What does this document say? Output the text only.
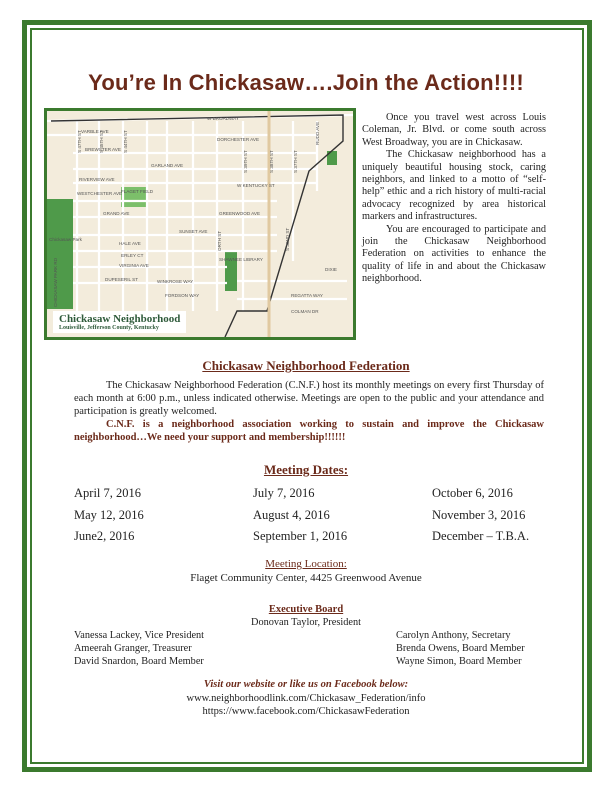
You’re In Chickasaw….Join the Action!!!!
W BROADWAY
VARBLE AVE
BREWSTER AVE
DORCHESTER AVE
GARLAND AVE
RIVERVIEW AVE
WESTCHESTER AVE
W KENTUCKY ST
GRAND AVE	GREENWOOD AVE
SUNSET AVE
HALE AVE
ERLEY CT
VIRGINIA AVE
DUPESERIL ST	WINKROSE WAY
FORDSON WAY	REGATTA WAY
COLMAN DR
DIXIE
FLAGET FIELD
Chickasaw Park
SHAWNEE LIBRARY
CHICKASAW PARK RD
S 47TH ST	S 45TH ST	S 44TH ST
S 39TH ST	S 38TH ST	S 37TH ST
S 32ND ST
ORTH ST
RUDD AVE
Chickasaw Neighborhood
Louisville, Jefferson County, Kentucky

Once you travel west across Louis Coleman, Jr. Blvd. or come south across West Broadway, you are in Chickasaw.

The Chickasaw neighborhood has a uniquely beautiful housing stock, caring neighbors, and linked to a motto of “self-help” ethic and a rich history of multi-racial advocacy recognized by area historical markers and infrastructures.

You are encouraged to participate and join the Chickasaw Neighborhood Federation on activities to enhance the quality of life in and about the Chickasaw neighborhood.

Chickasaw Neighborhood Federation

The Chickasaw Neighborhood Federation (C.N.F.) host its monthly meetings on every first Thursday of each month at 6:00 p.m., unless indicated otherwise. Meetings are open to the public and your attendance and participation is greatly welcomed.

C.N.F. is a neighborhood association working to sustain and improve the Chickasaw neighborhood…We need your support and membership!!!!!!

Meeting Dates:
April 7, 2016	July 7, 2016	October 6, 2016
May 12, 2016	August 4, 2016	November 3, 2016
June2, 2016	September 1, 2016	December – T.B.A.
Meeting Location:
Flaget Community Center, 4425 Greenwood Avenue
Executive Board
Donovan Taylor, President
Vanessa Lackey, Vice President
Ameerah Granger, Treasurer
David Snardon, Board Member
Carolyn Anthony, Secretary
Brenda Owens, Board Member
Wayne Simon, Board Member
Visit our website or like us on Facebook below:
www.neighborhoodlink.com/Chickasaw_Federation/info
https://www.facebook.com/ChickasawFederation
